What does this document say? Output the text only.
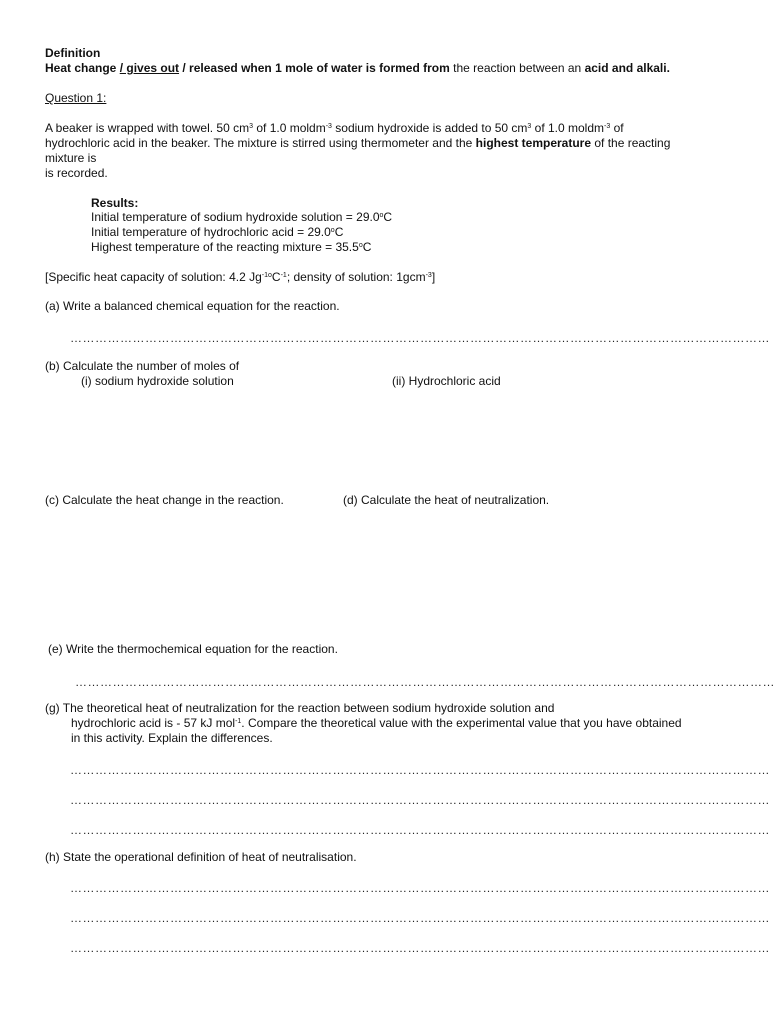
Definition
Heat change / gives out / released when 1 mole of water is formed from the reaction between an acid and alkali.
Question 1:
A beaker is wrapped with towel. 50 $cm^3$ of 1.0 moldm$^{-3}$ sodium hydroxide is added to 50 $cm^3$ of 1.0 moldm$^{-3}$ of
hydrochloric acid in the beaker. The mixture is stirred using thermometer and the highest temperature of the reacting
mixture is
is recorded.
Results:
Initial temperature of sodium hydroxide solution = $29.0^oC$
Initial temperature of hydrochloric acid = $29.0^oC$
Highest temperature of the reacting mixture = $35.5^oC$
[Specific heat capacity of solution: 4.2 $Jg^{-1o}C^{-1}$; density of solution: 1gcm$^{-3}$]
(a) Write a balanced chemical equation for the reaction.
……………………………………………………………………………………………………………………………………………………
(b) Calculate the number of moles of
(i) sodium hydroxide solution	(ii) Hydrochloric acid
(c) Calculate the heat change in the reaction.	(d) Calculate the heat of neutralization.
(e) Write the thermochemical equation for the reaction.
……………………………………………………………………………………………………………………………………………………
(g) The theoretical heat of neutralization for the reaction between sodium hydroxide solution and
hydrochloric acid is - 57 kJ mol$^{-1}$. Compare the theoretical value with the experimental value that you have obtained
in this activity. Explain the differences.
……………………………………………………………………………………………………………………………………………………
……………………………………………………………………………………………………………………………………………………
……………………………………………………………………………………………………………………………………………………
(h) State the operational definition of heat of neutralisation.
……………………………………………………………………………………………………………………………………………………
……………………………………………………………………………………………………………………………………………………
……………………………………………………………………………………………………………………………………………………
